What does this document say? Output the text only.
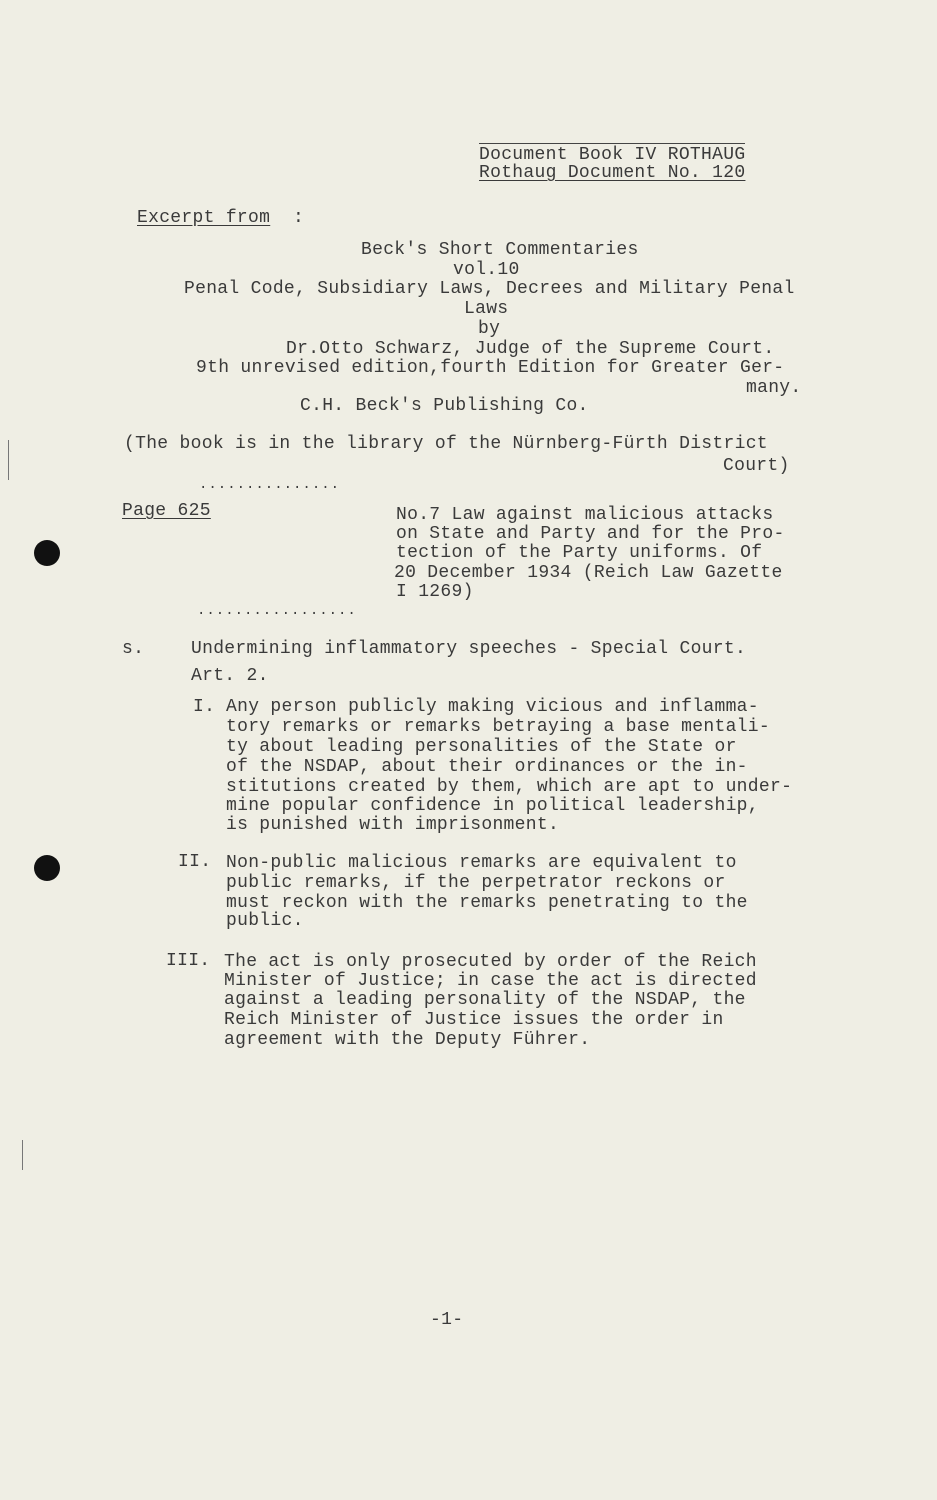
Document Book IV ROTHAUG
Rothaug Document No. 120
Excerpt from :
Beck's Short Commentaries
vol.10
Penal Code, Subsidiary Laws, Decrees and Military Penal
Laws
by
Dr.Otto Schwarz, Judge of the Supreme Court.
9th unrevised edition,fourth Edition for Greater Ger-
many.
C.H. Beck's Publishing Co.
(The book is in the library of the Nürnberg-Fürth District
Court)
...............
Page 625	No.7 Law against malicious attacks
on State and Party and for the Pro-
tection of the Party uniforms. Of
20 December 1934 (Reich Law Gazette
I 1269)
.................
s.	Undermining inflammatory speeches - Special Court.
Art. 2.
I. Any person publicly making vicious and inflamma-
tory remarks or remarks betraying a base mentali-
ty about leading personalities of the State or
of the NSDAP, about their ordinances or the in-
stitutions created by them, which are apt to under-
mine popular confidence in political leadership,
is punished with imprisonment.
II. Non-public malicious remarks are equivalent to
public remarks, if the perpetrator reckons or
must reckon with the remarks penetrating to the
public.
III. The act is only prosecuted by order of the Reich
Minister of Justice; in case the act is directed
against a leading personality of the NSDAP, the
Reich Minister of Justice issues the order in
agreement with the Deputy Führer.
-1-
